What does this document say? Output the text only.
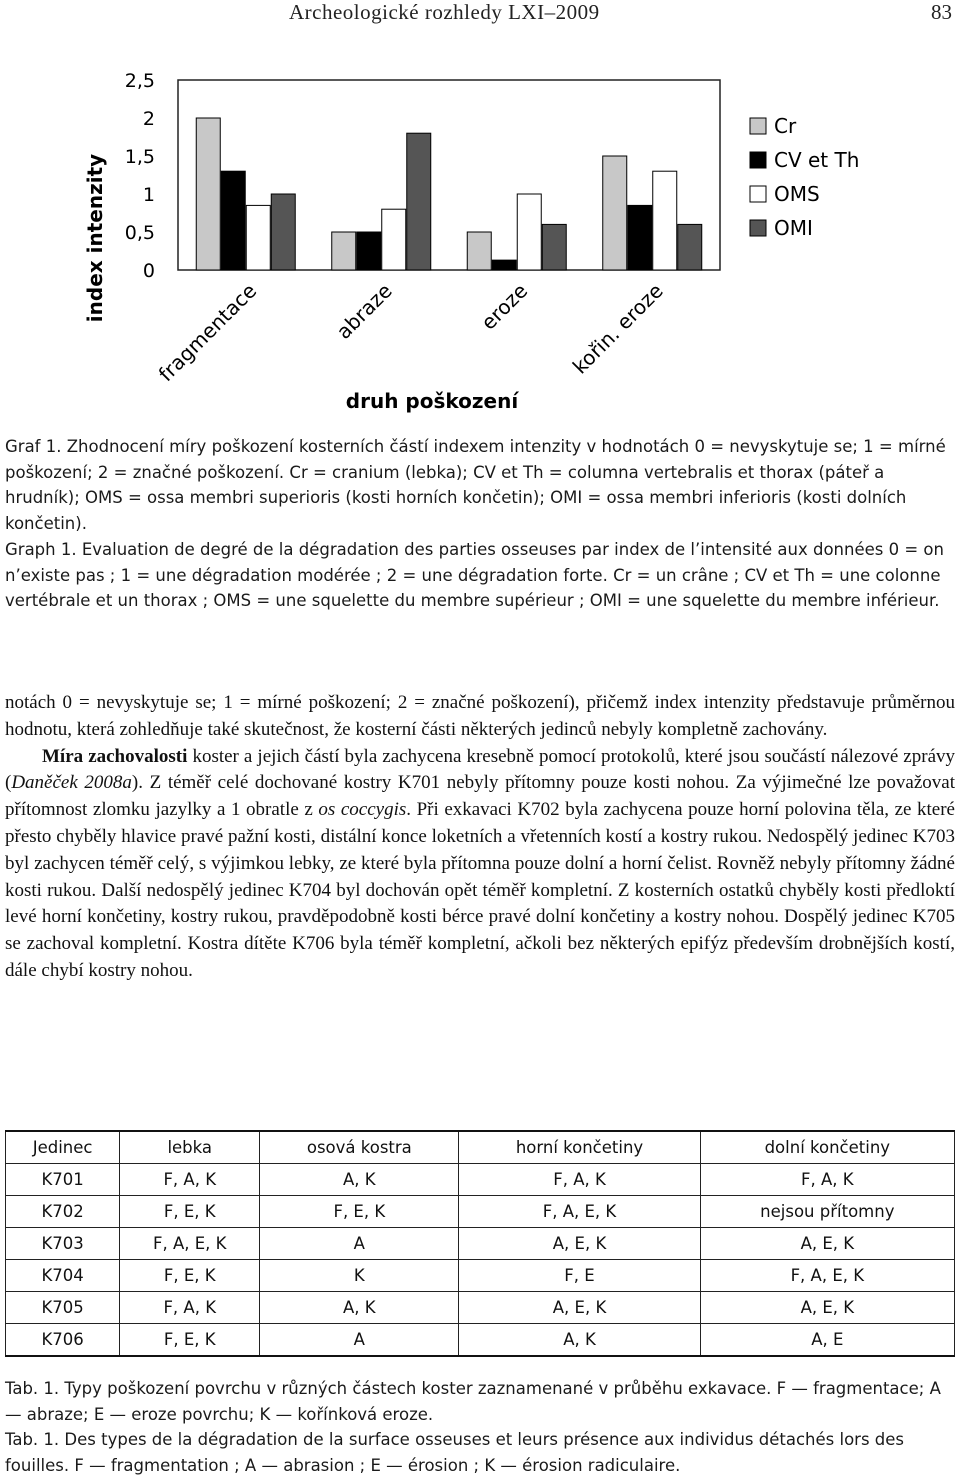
Archeologické rozhledy LXI–2009	83
index intenzity
2,5
2
1,5
1
0,5
0
fragmentace	abraze	eroze kořin. eroze
Cr
CV et Th
OMS
OMI
druh poškození

Graf 1. Zhodnocení míry poškození kosterních částí indexem intenzity v hodnotách 0 = nevyskytuje se; 1 = mírné poškození; 2 = značné poškození. Cr = cranium (lebka); CV et Th = columna vertebralis et thorax (páteř a hrudník); OMS = ossa membri superioris (kosti horních končetin); OMI = ossa membri inferioris (kosti dolních končetin).

Graph 1. Evaluation de degré de la dégradation des parties osseuses par index de l’intensité aux données 0 = on n’existe pas ; 1 = une dégradation modérée ; 2 = une dégradation forte. Cr = un crâne ; CV et Th = une colonne vertébrale et un thorax ; OMS = une squelette du membre supérieur ; OMI = une squelette du membre inférieur.

notách 0 = nevyskytuje se; 1 = mírné poškození; 2 = značné poškození), přičemž index intenzity představuje průměrnou hodnotu, která zohledňuje také skutečnost, že kosterní části některých jedinců nebyly kompletně zachovány.

Míra zachovalosti koster a jejich částí byla zachycena kresebně pomocí protokolů, které jsou součástí nálezové zprávy (Daněček 2008a). Z téměř celé dochované kostry K701 nebyly přítomny pouze kosti nohou. Za výjimečné lze považovat přítomnost zlomku jazylky a 1 obratle z os coccygis. Při exkavaci K702 byla zachycena pouze horní polovina těla, ze které přesto chyběly hlavice pravé pažní kosti, distální konce loketních a vřetenních kostí a kostry rukou. Nedospělý jedinec K703 byl zachycen téměř celý, s výjimkou lebky, ze které byla přítomna pouze dolní a horní čelist. Rovněž nebyly přítomny žádné kosti rukou. Další nedospělý jedinec K704 byl dochován opět téměř kompletní. Z kosterních ostatků chyběly kosti předloktí levé horní končetiny, kostry rukou, pravděpodobně kosti bérce pravé dolní končetiny a kostry nohou. Dospělý jedinec K705 se zachoval kompletní. Kostra dítěte K706 byla téměř kompletní, ačkoli bez některých epifýz především drobnějších kostí, dále chybí kostry nohou.

Jedinec	lebka	osová kostra	horní končetiny	dolní končetiny
K701	F, A, K	A, K	F, A, K	F, A, K
K702	F, E, K	F, E, K	F, A, E, K	nejsou přítomny
K703	F, A, E, K	A	A, E, K	A, E, K
K704	F, E, K	K	F, E	F, A, E, K
K705	F, A, K	A, K	A, E, K	A, E, K
K706	F, E, K	A	A, K	A, E

Tab. 1. Typy poškození povrchu v různých částech koster zaznamenané v průběhu exkavace. F — fragmentace; A — abraze; E — eroze povrchu; K — kořínková eroze.

Tab. 1. Des types de la dégradation de la surface osseuses et leurs présence aux individus détachés lors des fouilles. F — fragmentation ; A — abrasion ; E — érosion ; K — érosion radiculaire.
